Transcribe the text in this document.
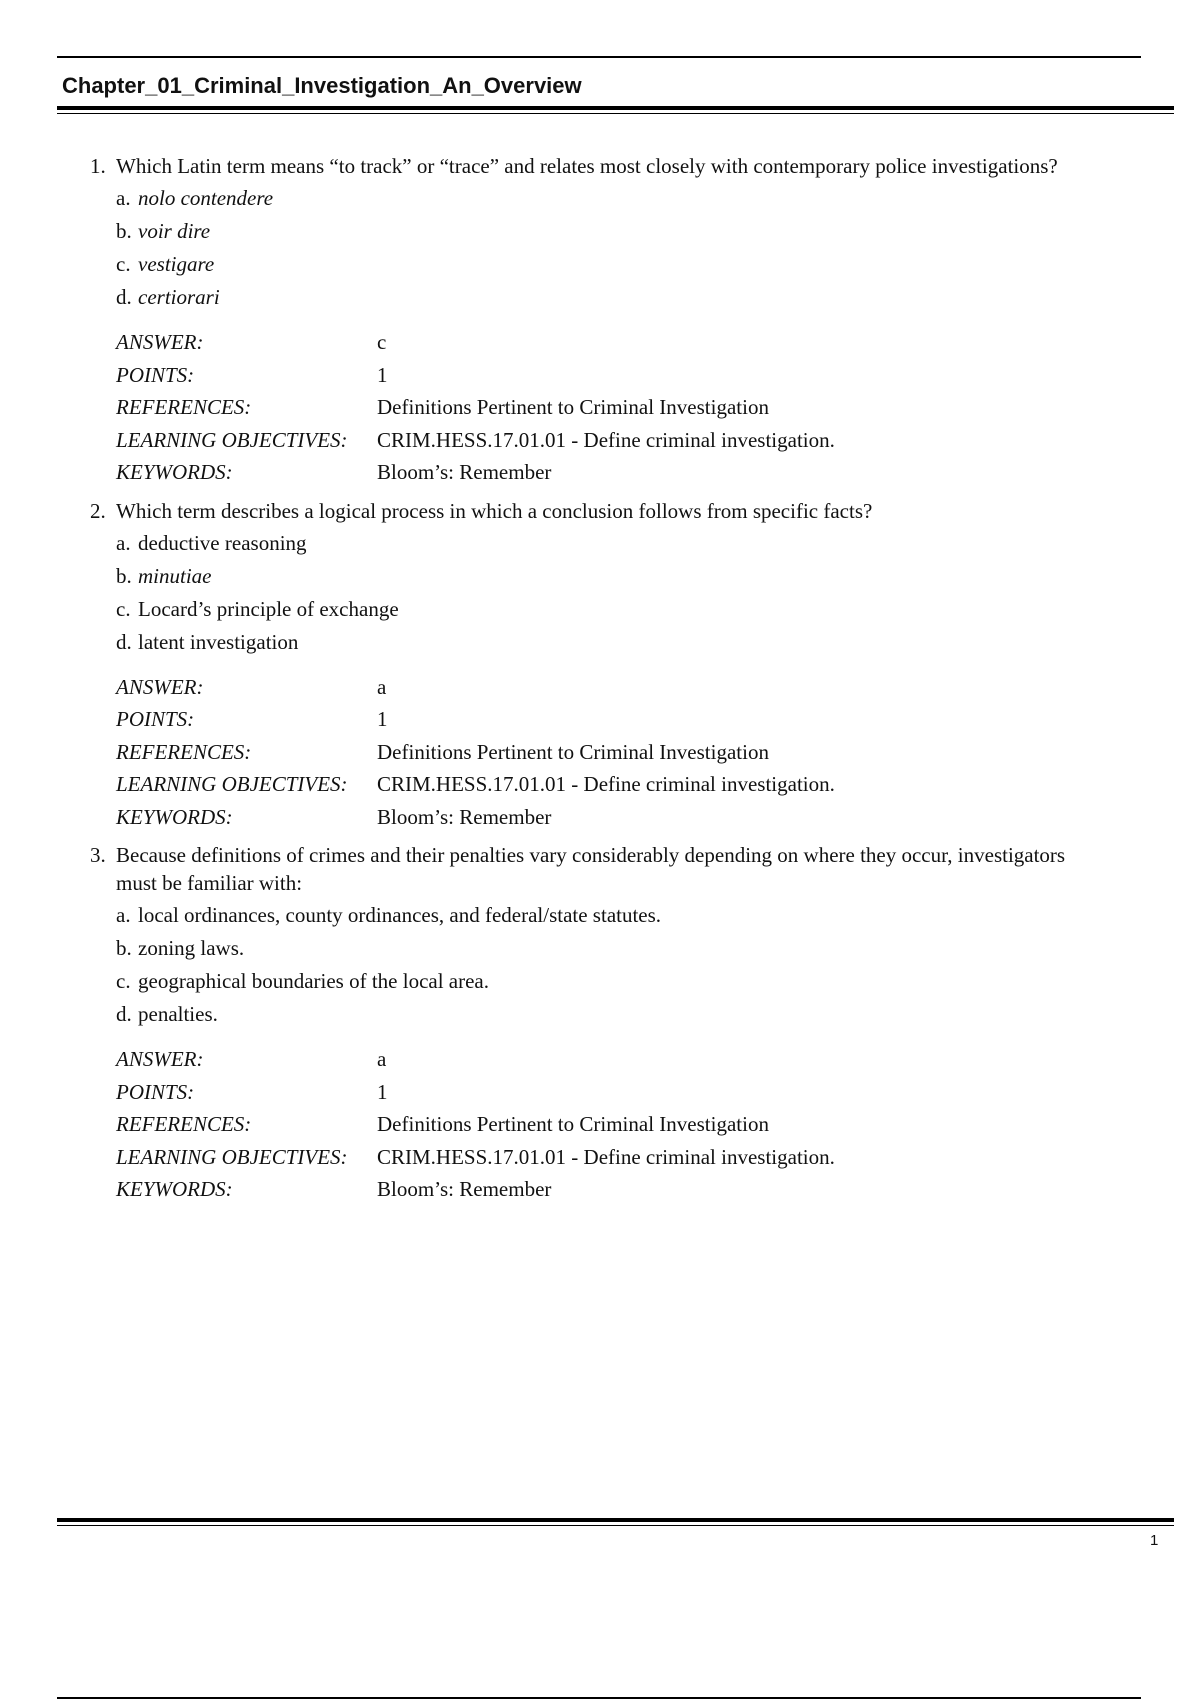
Chapter_01_Criminal_Investigation_An_Overview
1. Which Latin term means “to track” or “trace” and relates most closely with contemporary police investigations?
a. nolo contendere
b. voir dire
c. vestigare
d. certiorari
ANSWER:	c
POINTS:	1
REFERENCES:	Definitions Pertinent to Criminal Investigation
LEARNING OBJECTIVES:	CRIM.HESS.17.01.01 - Define criminal investigation.
KEYWORDS:	Bloom’s: Remember
2. Which term describes a logical process in which a conclusion follows from specific facts?
a. deductive reasoning
b. minutiae
c. Locard’s principle of exchange
d. latent investigation
ANSWER:	a
POINTS:	1
REFERENCES:	Definitions Pertinent to Criminal Investigation
LEARNING OBJECTIVES:	CRIM.HESS.17.01.01 - Define criminal investigation.
KEYWORDS:	Bloom’s: Remember
3. Because definitions of crimes and their penalties vary considerably depending on where they occur, investigators must be familiar with:
a. local ordinances, county ordinances, and federal/state statutes.
b. zoning laws.
c. geographical boundaries of the local area.
d. penalties.
ANSWER:	a
POINTS:	1
REFERENCES:	Definitions Pertinent to Criminal Investigation
LEARNING OBJECTIVES:	CRIM.HESS.17.01.01 - Define criminal investigation.
KEYWORDS:	Bloom’s: Remember
1
